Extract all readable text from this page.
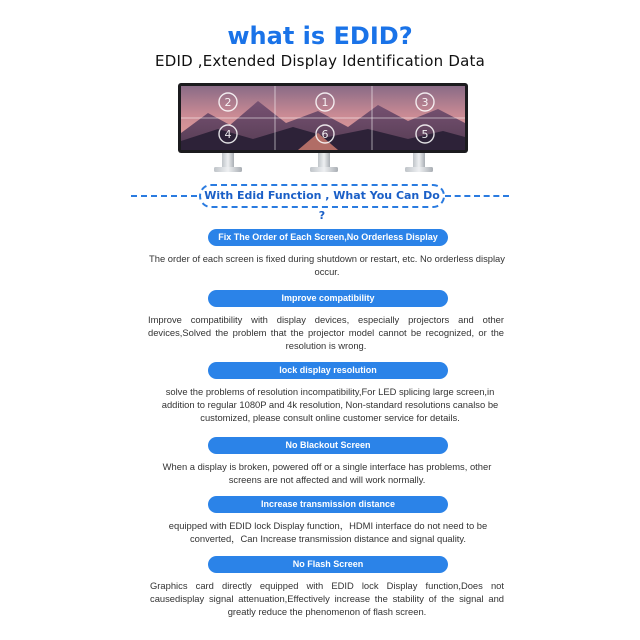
what is EDID?
EDID ,Extended Display Identification Data
2	1	3
4	6	5
With Edid Function , What You Can Do ?
Fix The Order of Each Screen,No Orderless Display
The order of each screen is fixed during shutdown or restart, etc. No orderless display occur.
Improve compatibility
Improve compatibility with display devices, especially projectors and other devices,Solved the problem that the projector model cannot be recognized, or the resolution is wrong.
lock display resolution
solve the problems of resolution incompatibility,For LED splicing large screen,in addition to regular 1080P and 4k resolution, Non-standard resolutions canalso be customized, please consult online customer service for details.
No Blackout Screen
When a display is broken, powered off or a single interface has problems, other screens are not affected and will work normally.
Increase transmission distance
equipped with EDID lock Display function，HDMI interface do not need to be converted，Can Increase transmission distance and signal quality.
No Flash Screen
Graphics card directly equipped with EDID lock Display function,Does not causedisplay signal attenuation,Effectively increase the stability of the signal and greatly reduce the phenomenon of flash screen.
